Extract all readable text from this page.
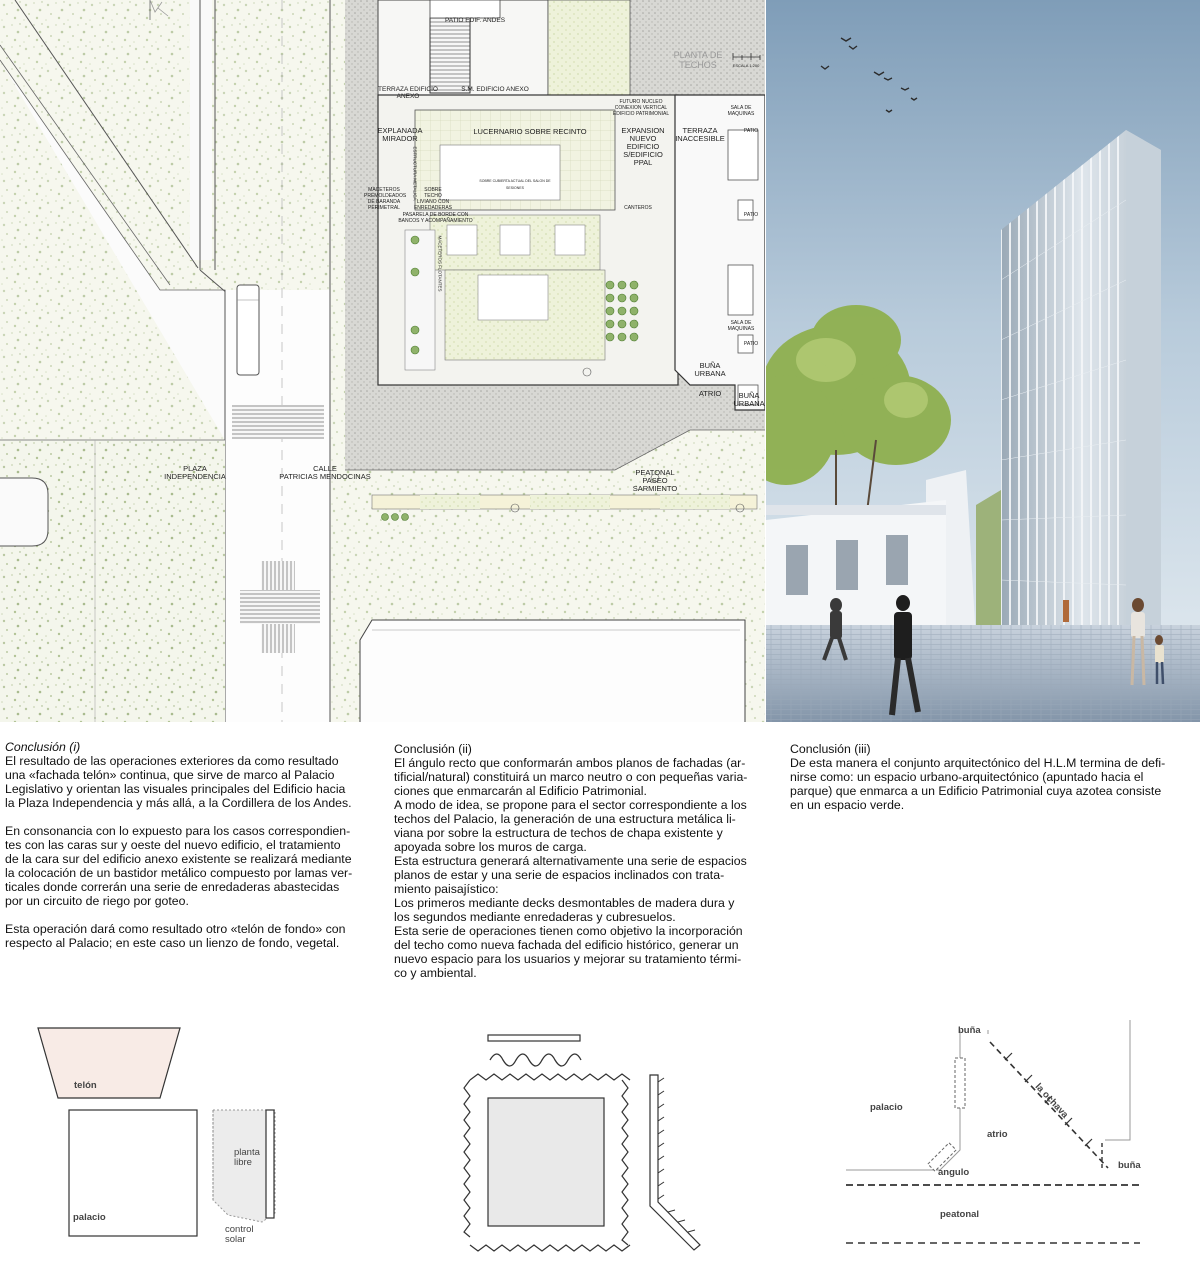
PLANTA DE
TECHOS	ESCALA 1:200
PATIO EDIF. ANDES
TERRAZA EDIFICIO ANEXO
S.M. EDIFICIO ANEXO
FUTURO NUCLEO
CONEXION VERTICAL
EDIFICIO PATRIMONIAL
SALA DE
MAQUINAS
PATIO
EXPLANADA
MIRADOR
LUCERNARIO SOBRE RECINTO
SOBRE CUBIERTA ACTUAL DEL SALON DE SESIONES
EXPANSION
NUEVO
EDIFICIO
S/EDIFICIO
PPAL
TERRAZA
INACCESIBLE
PATIO
PATIO
MACETEROS
PREMOLDEADOS
DE BARANDA
PERIMETRAL
SOBRE
TECHO
LIVIANO CON
ENREDADERAS
PASARELA DE BORDE CON
BANCOS Y ACOMPAÑAMIENTO
CANTEROS
SALA DE
MAQUINAS
BUÑA
URBANA
ATRIO	BUÑA
URBANA
PLAZA
INDEPENDENCIA
CALLE
PATRICIAS MENDOCINAS	PEATONAL
PASEO SARMIENTO
ESTRUCTURA METALICA
MACETEROS FLOTANTES

Conclusión (i)

El resultado de las operaciones exteriores da como resultado
una «fachada telón» continua, que sirve de marco al Palacio
Legislativo y orientan las visuales principales del Edificio hacia
la Plaza Independencia y más allá, a la Cordillera de los Andes.

En consonancia con lo expuesto para los casos correspondien-
tes con las caras sur y oeste del nuevo edificio, el tratamiento
de la cara sur del edificio anexo existente se realizará mediante
la colocación de un bastidor metálico compuesto por lamas ver-
ticales donde correrán una serie de enredaderas abastecidas
por un circuito de riego por goteo.

Esta operación dará como resultado otro «telón de fondo» con
respecto al Palacio; en este caso un lienzo de fondo, vegetal.

Conclusión (ii)

El ángulo recto que conformarán ambos planos de fachadas (ar-
tificial/natural) constituirá un marco neutro o con pequeñas varia-
ciones que enmarcarán al Edificio Patrimonial.
A modo de idea, se propone para el sector correspondiente a los
techos del Palacio, la generación de una estructura metálica li-
viana por sobre la estructura de techos de chapa existente y
apoyada sobre los muros de carga.
Esta estructura generará alternativamente una serie de espacios
planos de estar y una serie de espacios inclinados con trata-
miento paisajístico:
Los primeros mediante decks desmontables de madera dura y
los segundos mediante enredaderas y cubresuelos.
Esta serie de operaciones tienen como objetivo la incorporación
del techo como nueva fachada del edificio histórico, generar un
nuevo espacio para los usuarios y mejorar su tratamiento térmi-
co y ambiental.

Conclusión (iii)

De esta manera el conjunto arquitectónico del H.L.M termina de defi-
nirse como: un espacio urbano-arquitectónico (apuntado hacia el
parque) que enmarca a un Edificio Patrimonial cuya azotea consiste
en un espacio verde.

telón
palacio
planta
libre
control
solar
buña
la ochava
palacio
atrio
buña
angulo
peatonal
